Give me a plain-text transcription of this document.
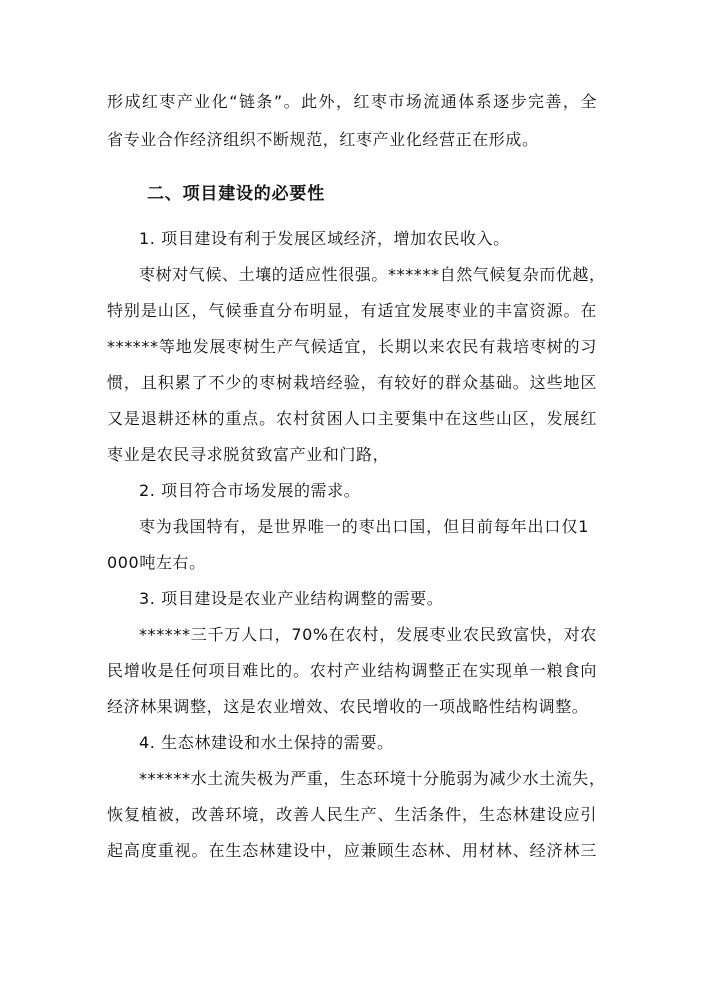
形成红枣产业化“链条”。此外，红枣市场流通体系逐步完善，全
省专业合作经济组织不断规范，红枣产业化经营正在形成。
二、项目建设的必要性
1. 项目建设有利于发展区域经济，增加农民收入。
枣树对气候、土壤的适应性很强。******自然气候复杂而优越，
特别是山区，气候垂直分布明显，有适宜发展枣业的丰富资源。在
******等地发展枣树生产气候适宜，长期以来农民有栽培枣树的习
惯，且积累了不少的枣树栽培经验，有较好的群众基础。这些地区
又是退耕还林的重点。农村贫困人口主要集中在这些山区，发展红
枣业是农民寻求脱贫致富产业和门路，
2. 项目符合市场发展的需求。
枣为我国特有，是世界唯一的枣出口国，但目前每年出口仅1
000吨左右。
3. 项目建设是农业产业结构调整的需要。
******三千万人口，70%在农村，发展枣业农民致富快，对农
民增收是任何项目难比的。农村产业结构调整正在实现单一粮食向
经济林果调整，这是农业增效、农民增收的一项战略性结构调整。
4. 生态林建设和水土保持的需要。
******水土流失极为严重，生态环境十分脆弱为减少水土流失，
恢复植被，改善环境，改善人民生产、生活条件，生态林建设应引
起高度重视。在生态林建设中，应兼顾生态林、用材林、经济林三
